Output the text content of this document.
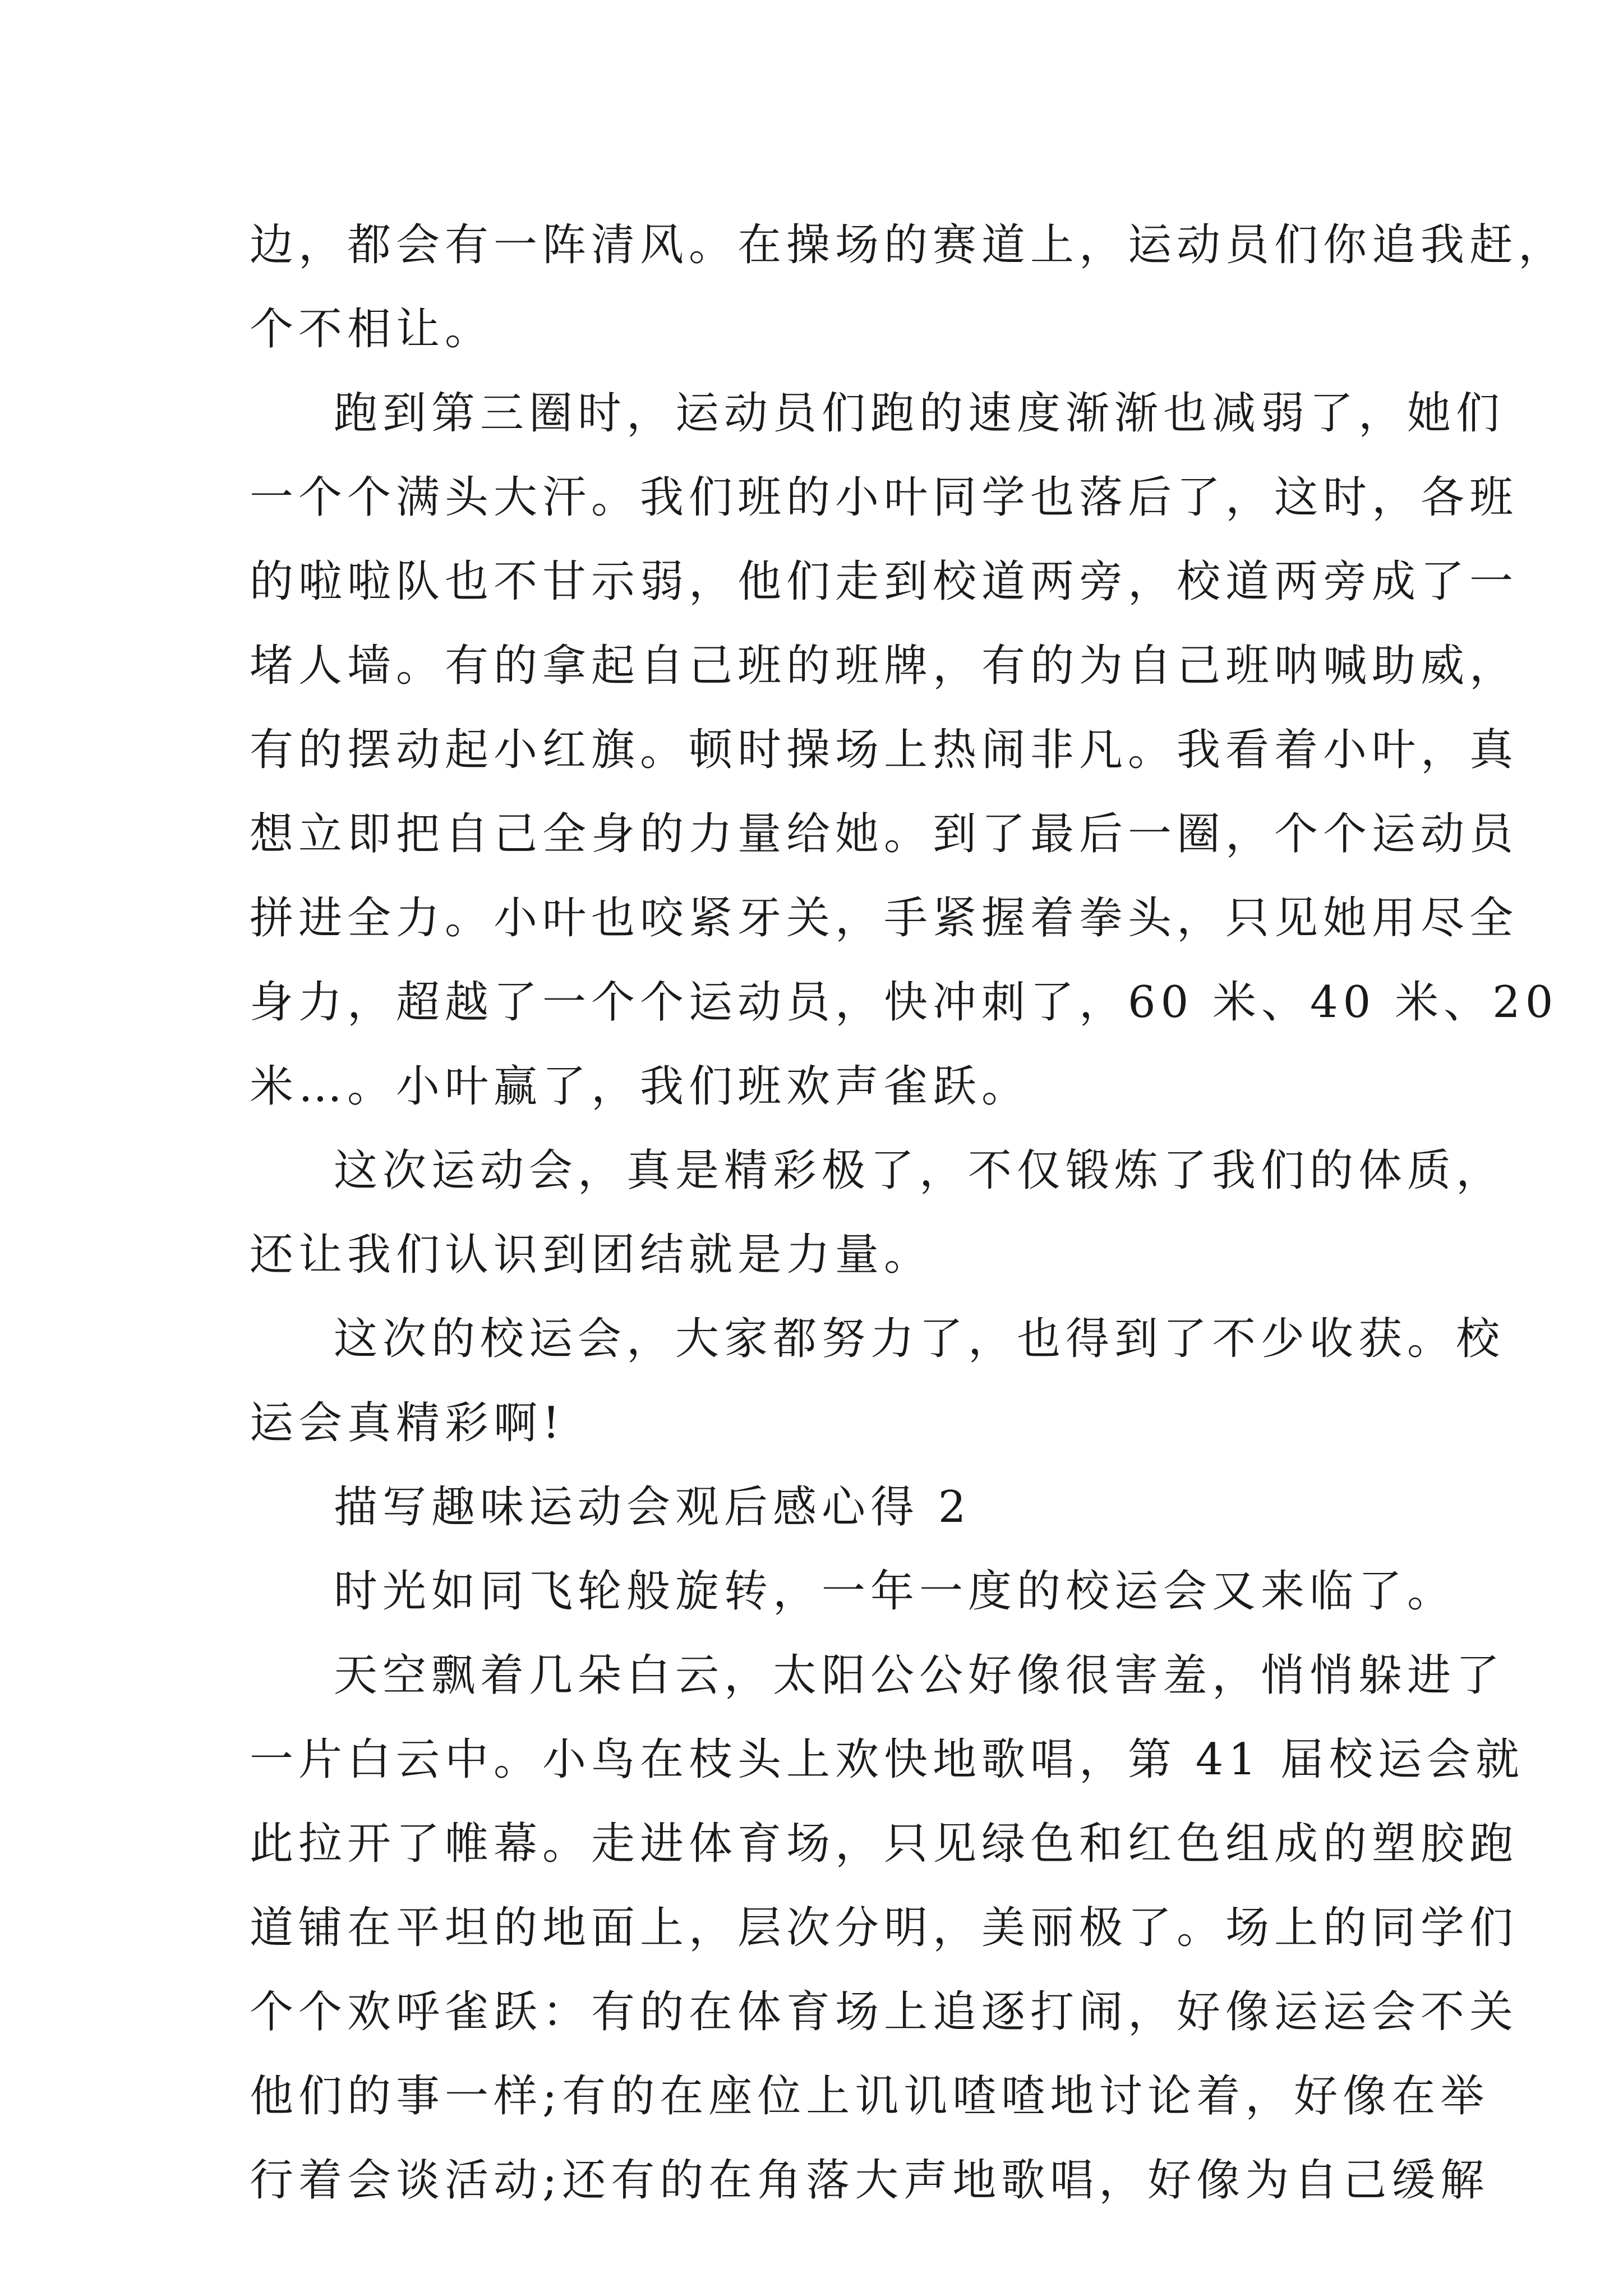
边，都会有一阵清风。在操场的赛道上，运动员们你追我赶，
个不相让。
跑到第三圈时，运动员们跑的速度渐渐也减弱了，她们
一个个满头大汗。我们班的小叶同学也落后了，这时，各班
的啦啦队也不甘示弱，他们走到校道两旁，校道两旁成了一
堵人墙。有的拿起自己班的班牌，有的为自己班呐喊助威，
有的摆动起小红旗。顿时操场上热闹非凡。我看着小叶，真
想立即把自己全身的力量给她。到了最后一圈，个个运动员
拼进全力。小叶也咬紧牙关，手紧握着拳头，只见她用尽全
身力，超越了一个个运动员，快冲刺了，60 米、40 米、20
米…。小叶赢了，我们班欢声雀跃。
这次运动会，真是精彩极了，不仅锻炼了我们的体质，
还让我们认识到团结就是力量。
这次的校运会，大家都努力了，也得到了不少收获。校
运会真精彩啊!
描写趣味运动会观后感心得 2
时光如同飞轮般旋转，一年一度的校运会又来临了。
天空飘着几朵白云，太阳公公好像很害羞，悄悄躲进了
一片白云中。小鸟在枝头上欢快地歌唱，第 41 届校运会就
此拉开了帷幕。走进体育场，只见绿色和红色组成的塑胶跑
道铺在平坦的地面上，层次分明，美丽极了。场上的同学们
个个欢呼雀跃：有的在体育场上追逐打闹，好像运运会不关
他们的事一样;有的在座位上讥讥喳喳地讨论着，好像在举
行着会谈活动;还有的在角落大声地歌唱，好像为自己缓解
